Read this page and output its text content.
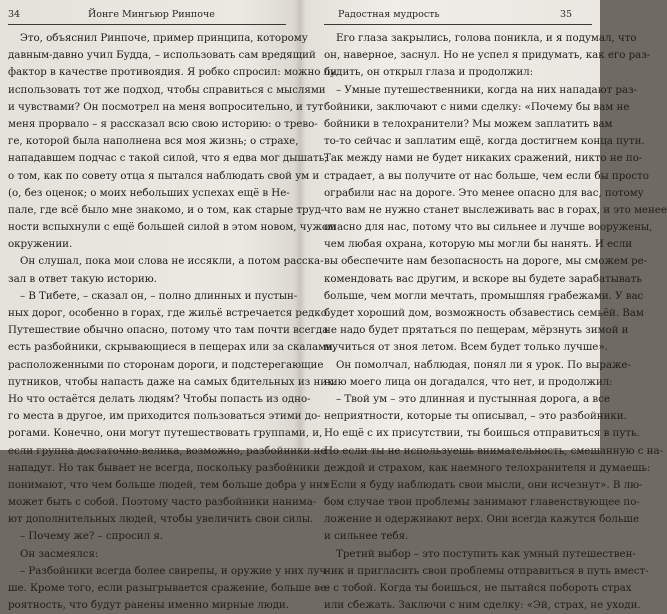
34	Йонге Мингьюр Ринпоче
Это, объяснил Ринпоче, пример принципа, которому
давным-давно учил Будда, – использовать сам вредящий
фактор в качестве противоядия. Я робко спросил: можно ли
использовать тот же подход, чтобы справиться с мыслями
и чувствами? Он посмотрел на меня вопросительно, и тут
меня прорвало – я рассказал всю свою историю: о трево-
ге, которой была наполнена вся моя жизнь; о страхе,
нападавшем подчас с такой силой, что я едва мог дышать;
о том, как по совету отца я пытался наблюдать свой ум и
(о, без оценок; о моих небольших успехах ещё в Не-
пале, где всё было мне знакомо, и о том, как старые труд-
ности вспыхнули с ещё большей силой в этом новом, чужом
окружении.
Он слушал, пока мои слова не иссякли, а потом расска-
зал в ответ такую историю.
– В Тибете, – сказал он, – полно длинных и пустын-
ных дорог, особенно в горах, где жильё встречается редко.
Путешествие обычно опасно, потому что там почти всегда
есть разбойники, скрывающиеся в пещерах или за скалами,
расположенными по сторонам дороги, и подстерегающие
путников, чтобы напасть даже на самых бдительных из них.
Но что остаётся делать людям? Чтобы попасть из одно-
го места в другое, им приходится пользоваться этими до-
рогами. Конечно, они могут путешествовать группами, и,
если группа достаточно велика, возможно, разбойники не
нападут. Но так бывает не всегда, поскольку разбойники
понимают, что чем больше людей, тем больше добра у них
может быть с собой. Поэтому часто разбойники нанима-
ют дополнительных людей, чтобы увеличить свои силы.
– Почему же? – спросил я.
Он засмеялся:
– Разбойники всегда более свирепы, и оружие у них луч-
ше. Кроме того, если разыгрывается сражение, больше ве-
роятность, что будут ранены именно мирные люди.
Радостная мудрость	35
Его глаза закрылись, голова поникла, и я подумал, что
он, наверное, заснул. Но не успел я придумать, как его раз-
будить, он открыл глаза и продолжил:
– Умные путешественники, когда на них нападают раз-
бойники, заключают с ними сделку: «Почему бы вам не
бойники в телохранители? Мы можем заплатить вам
то-то сейчас и заплатим ещё, когда достигнем конца пути.
Так между нами не будет никаких сражений, никто не по-
страдает, а вы получите от нас больше, чем если бы просто
ограбили нас на дороге. Это менее опасно для вас, потому
что вам не нужно станет выслеживать вас в горах, и это менее
опасно для нас, потому что вы сильнее и лучше вооружены,
чем любая охрана, которую мы могли бы нанять. И если
вы обеспечите нам безопасность на дороге, мы сможем ре-
комендовать вас другим, и вскоре вы будете зарабатывать
больше, чем могли мечтать, промышляя грабежами. У вас
будет хороший дом, возможность обзавестись семьёй. Вам
не надо будет прятаться по пещерам, мёрзнуть зимой и
мучиться от зноя летом. Всем будет только лучше».
Он помолчал, наблюдая, понял ли я урок. По выраже-
нию моего лица он догадался, что нет, и продолжил:
– Твой ум – это длинная и пустынная дорога, а все
неприятности, которые ты описывал, – это разбойники.
Но ещё с их присутствии, ты боишься отправиться в путь.
Но если ты не используешь внимательность, смешанную с на-
деждой и страхом, как наемного телохранителя и думаешь:
«Если я буду наблюдать свои мысли, они исчезнут». В лю-
бом случае твои проблемы занимают главенствующее по-
ложение и одерживают верх. Они всегда кажутся больше
и сильнее тебя.
Третий выбор – это поступить как умный путешествен-
ник и пригласить свои проблемы отправиться в путь вмест-
е с тобой. Когда ты боишься, не пытайся побороть страх
или сбежать. Заключи с ним сделку: «Эй, страх, не уходи.
